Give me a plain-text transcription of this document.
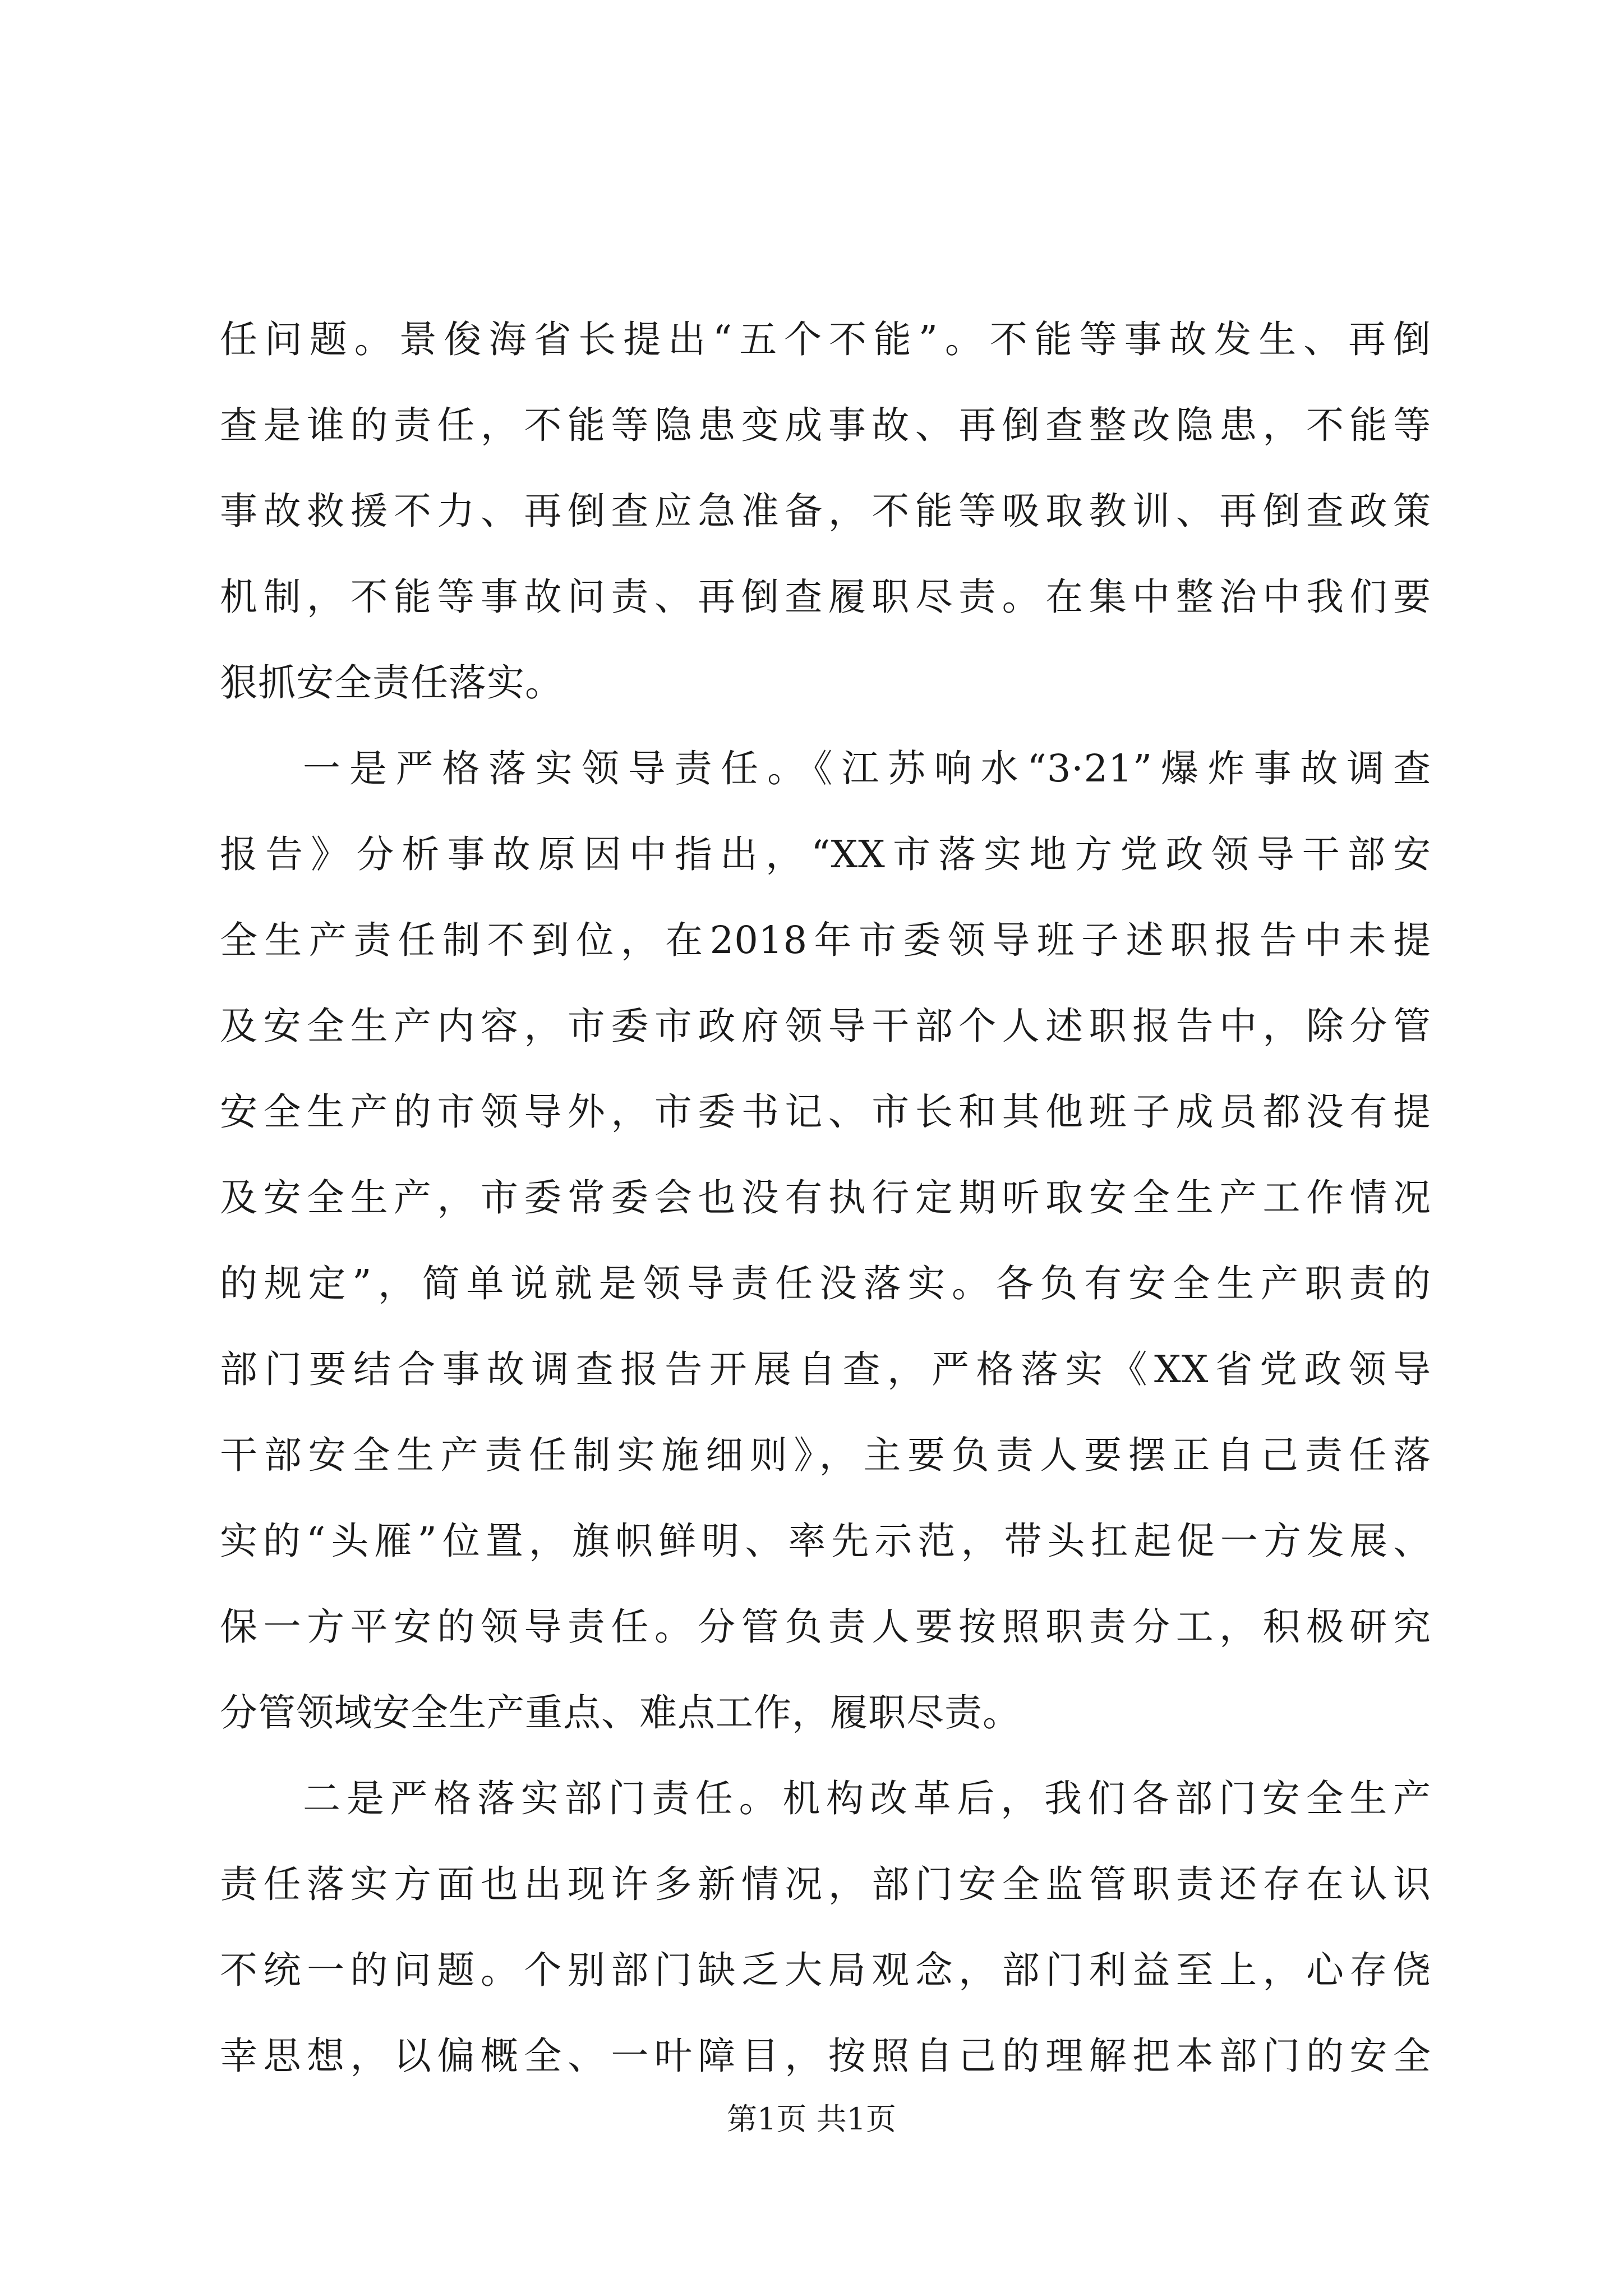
任问题。景俊海省长提出“五个不能”。不能等事故发生、再倒
查是谁的责任，不能等隐患变成事故、再倒查整改隐患，不能等
事故救援不力、再倒查应急准备，不能等吸取教训、再倒查政策
机制，不能等事故问责、再倒查履职尽责。在集中整治中我们要
狠抓安全责任落实。
一是严格落实领导责任。《江苏响水“3·21”爆炸事故调查
报告》分析事故原因中指出，“XX市落实地方党政领导干部安
全生产责任制不到位，在2018年市委领导班子述职报告中未提
及安全生产内容，市委市政府领导干部个人述职报告中，除分管
安全生产的市领导外，市委书记、市长和其他班子成员都没有提
及安全生产，市委常委会也没有执行定期听取安全生产工作情况
的规定”，简单说就是领导责任没落实。各负有安全生产职责的
部门要结合事故调查报告开展自查，严格落实《XX省党政领导
干部安全生产责任制实施细则》，主要负责人要摆正自己责任落
实的“头雁”位置，旗帜鲜明、率先示范，带头扛起促一方发展、
保一方平安的领导责任。分管负责人要按照职责分工，积极研究
分管领域安全生产重点、难点工作，履职尽责。
二是严格落实部门责任。机构改革后，我们各部门安全生产
责任落实方面也出现许多新情况，部门安全监管职责还存在认识
不统一的问题。个别部门缺乏大局观念，部门利益至上，心存侥
幸思想，以偏概全、一叶障目，按照自己的理解把本部门的安全
第1页 共1页
